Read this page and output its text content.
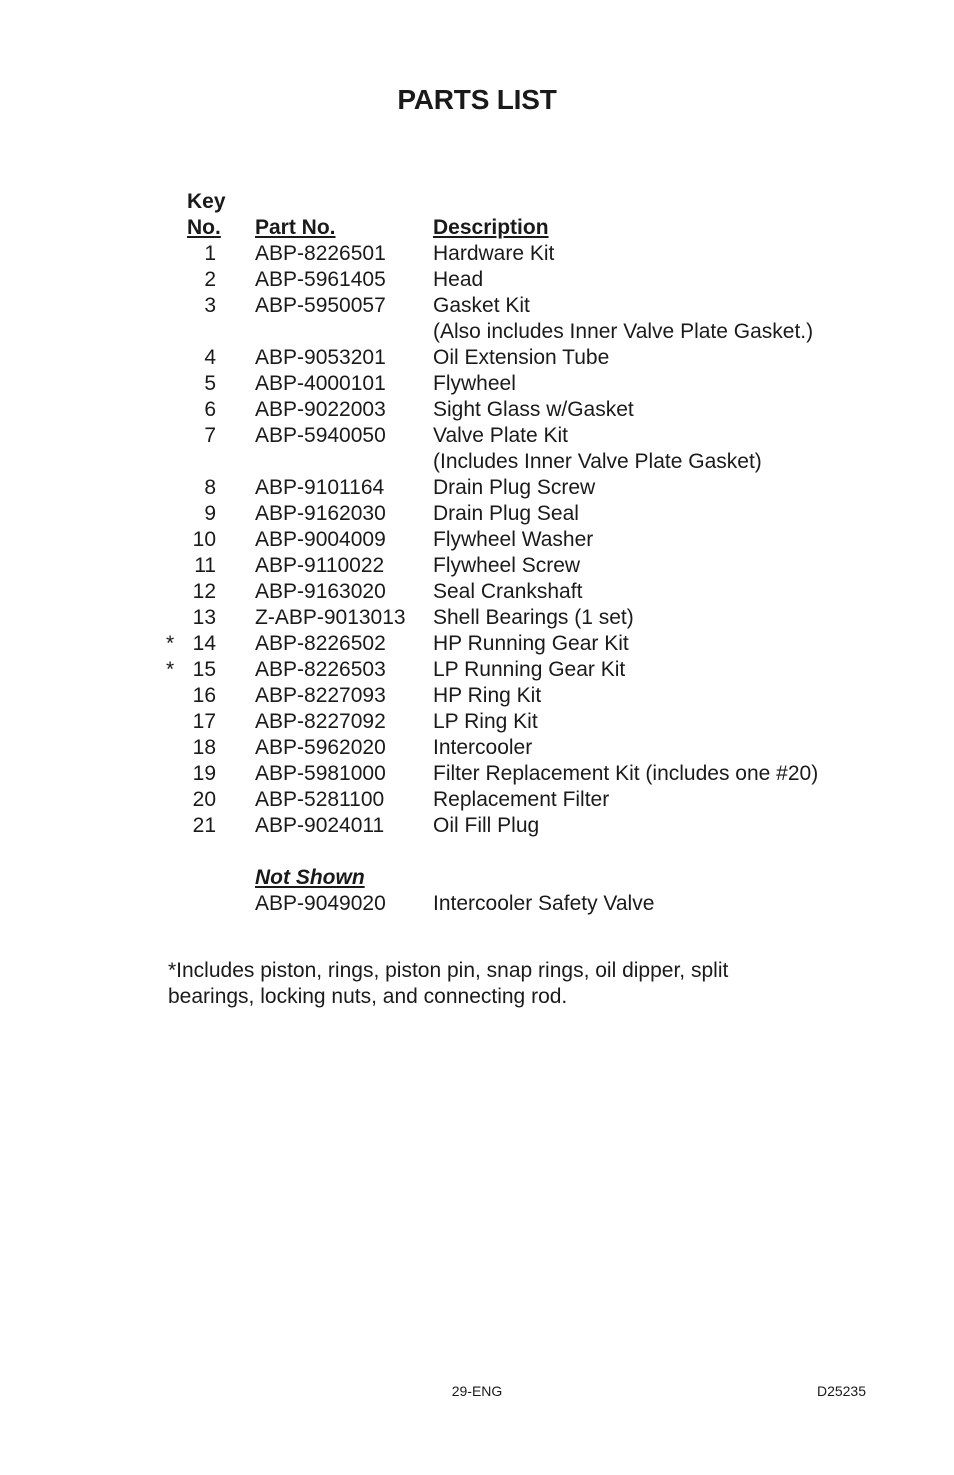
PARTS LIST
Key
No. Part No.	Description
1 ABP-8226501 Hardware Kit
2 ABP-5961405 Head
3 ABP-5950057 Gasket Kit
(Also includes Inner Valve Plate Gasket.)
4 ABP-9053201 Oil Extension Tube
5 ABP-4000101 Flywheel
6 ABP-9022003 Sight Glass w/Gasket
7 ABP-5940050 Valve Plate Kit
(Includes Inner Valve Plate Gasket)
8 ABP-9101164 Drain Plug Screw
9 ABP-9162030 Drain Plug Seal
10 ABP-9004009 Flywheel Washer
11 ABP-9110022 Flywheel Screw
12 ABP-9163020 Seal Crankshaft
13 Z-ABP-9013013 Shell Bearings (1 set)
* 14 ABP-8226502 HP Running Gear Kit
* 15 ABP-8226503 LP Running Gear Kit
16 ABP-8227093 HP Ring Kit
17 ABP-8227092 LP Ring Kit
18 ABP-5962020 Intercooler
19 ABP-5981000 Filter Replacement Kit (includes one #20)
20 ABP-5281100 Replacement Filter
21 ABP-9024011 Oil Fill Plug
Not Shown
ABP-9049020 Intercooler Safety Valve
*Includes piston, rings, piston pin, snap rings, oil dipper, split bearings, locking nuts, and connecting rod.
29-ENG	D25235
